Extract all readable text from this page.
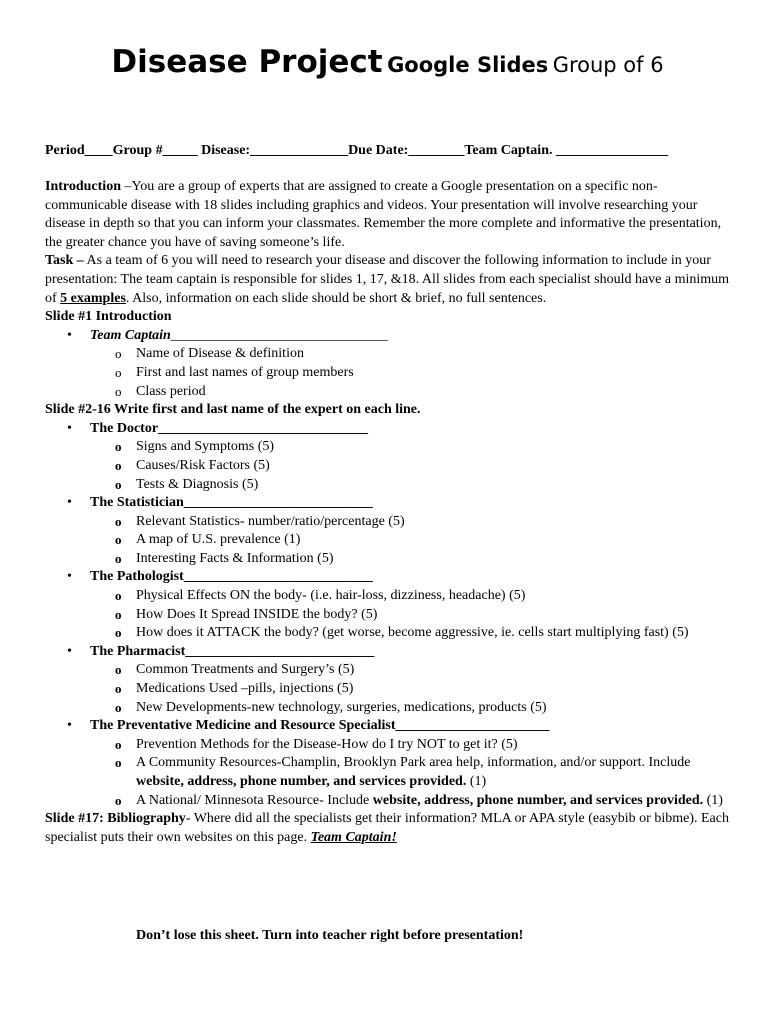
Disease Project Google Slides Group of 6
Period____Group #_____ Disease:______________Due Date:________Team Captain. ________________

Introduction –You are a group of experts that are assigned to create a Google presentation on a specific non-communicable disease with 18 slides including graphics and videos. Your presentation will involve researching your disease in depth so that you can inform your classmates. Remember the more complete and informative the presentation, the greater chance you have of saving someone’s life.

Task – As a team of 6 you will need to research your disease and discover the following information to include in your presentation: The team captain is responsible for slides 1, 17, &18. All slides from each specialist should have a minimum of 5 examples. Also, information on each slide should be short & brief, no full sentences.

Slide #1 Introduction

• Team Captain_______________________________

o Name of Disease & definition

o First and last names of group members

o Class period

Slide #2-16 Write first and last name of the expert on each line.

• The Doctor______________________________

o Signs and Symptoms (5)

o Causes/Risk Factors (5)

o Tests & Diagnosis (5)

• The Statistician___________________________

o Relevant Statistics- number/ratio/percentage (5)

o A map of U.S. prevalence (1)

o Interesting Facts & Information (5)

• The Pathologist___________________________

o Physical Effects ON the body- (i.e. hair-loss, dizziness, headache) (5)

o How Does It Spread INSIDE the body? (5)

o How does it ATTACK the body? (get worse, become aggressive, ie. cells start multiplying fast) (5)

• The Pharmacist___________________________

o Common Treatments and Surgery’s (5)

o Medications Used –pills, injections (5)

o New Developments-new technology, surgeries, medications, products (5)

• The Preventative Medicine and Resource Specialist______________________

o Prevention Methods for the Disease-How do I try NOT to get it? (5)

o A Community Resources-Champlin, Brooklyn Park area help, information, and/or support. Include website, address, phone number, and services provided. (1)

o A National/ Minnesota Resource- Include website, address, phone number, and services provided. (1)

Slide #17: Bibliography- Where did all the specialists get their information? MLA or APA style (easybib or bibme). Each specialist puts their own websites on this page. Team Captain!

Don’t lose this sheet. Turn into teacher right before presentation!
